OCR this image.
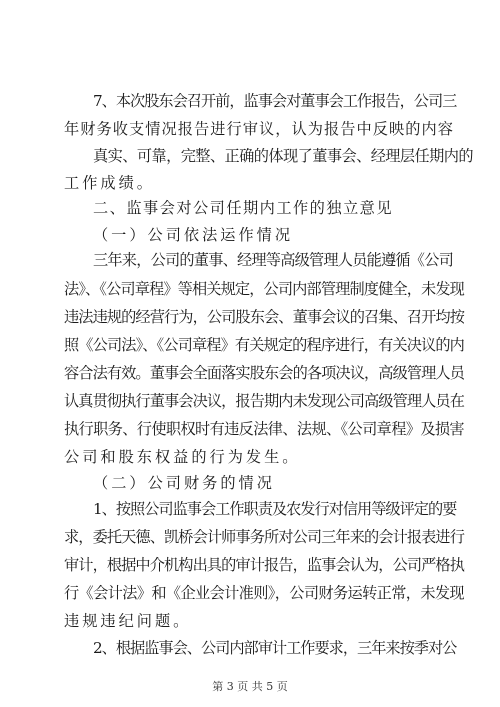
7、本次股东会召开前，监事会对董事会工作报告，公司三
年财务收支情况报告进行审议，认为报告中反映的内容
真实、可靠，完整、正确的体现了董事会、经理层任期内的
工作成绩。
二、监事会对公司任期内工作的独立意见
（一）公司依法运作情况
三年来，公司的董事、经理等高级管理人员能遵循《公司
法》、《公司章程》等相关规定，公司内部管理制度健全，未发现
违法违规的经营行为，公司股东会、董事会议的召集、召开均按
照《公司法》、《公司章程》有关规定的程序进行，有关决议的内
容合法有效。董事会全面落实股东会的各项决议，高级管理人员
认真贯彻执行董事会决议，报告期内未发现公司高级管理人员在
执行职务、行使职权时有违反法律、法规、《公司章程》及损害
公司和股东权益的行为发生。
（二）公司财务的情况
1、按照公司监事会工作职责及农发行对信用等级评定的要
求，委托天德、凯桥会计师事务所对公司三年来的会计报表进行
审计，根据中介机构出具的审计报告，监事会认为，公司严格执
行《会计法》和《企业会计准则》，公司财务运转正常，未发现
违规违纪问题。
2、根据监事会、公司内部审计工作要求，三年来按季对公
第 3 页 共 5 页
